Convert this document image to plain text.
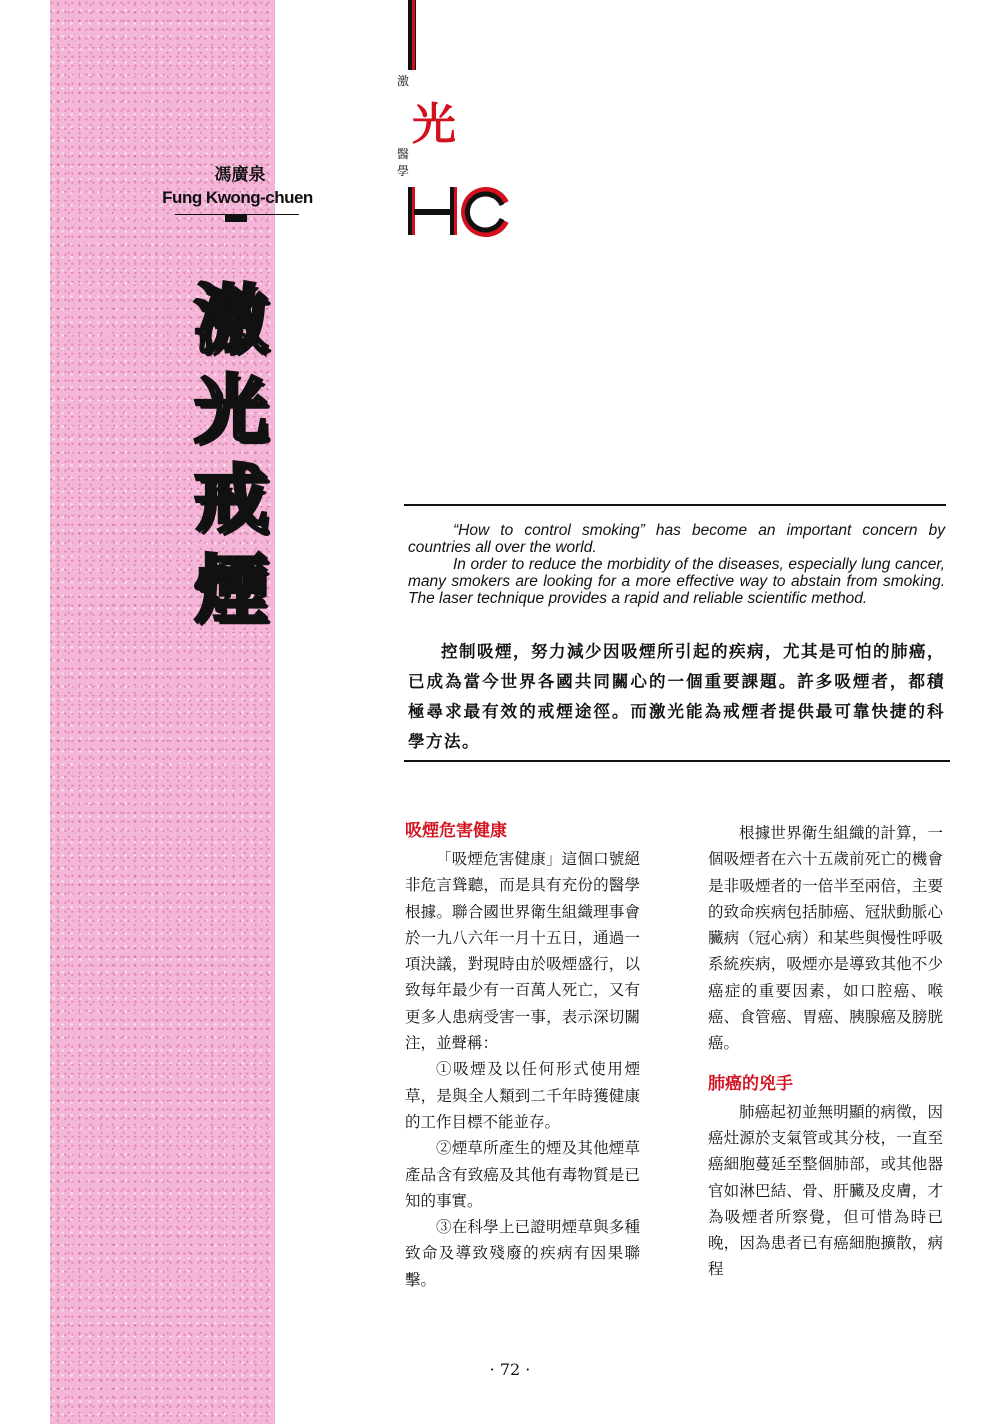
馮廣泉
Fung Kwong-chuen
激
光
戒
煙
激
光
醫
學

“How to control smoking” has become an important concern by countries all over the world.

In order to reduce the morbidity of the diseases, especially lung cancer, many smokers are looking for a more effective way to abstain from smoking. The laser technique provides a rapid and reliable scientific method.

控制吸煙，努力減少因吸煙所引起的疾病，尤其是可怕的肺癌，已成為當今世界各國共同關心的一個重要課題。許多吸煙者，都積極尋求最有效的戒煙途徑。而激光能為戒煙者提供最可靠快捷的科學方法。

吸煙危害健康

「吸煙危害健康」這個口號絕非危言聳聽，而是具有充份的醫學根據。聯合國世界衛生組織理事會於一九八六年一月十五日，通過一項決議，對現時由於吸煙盛行，以致每年最少有一百萬人死亡，又有更多人患病受害一事，表示深切關注，並聲稱：

①吸煙及以任何形式使用煙草，是與全人類到二千年時獲健康的工作目標不能並存。

②煙草所產生的煙及其他煙草產品含有致癌及其他有毒物質是已知的事實。

③在科學上已證明煙草與多種致命及導致殘廢的疾病有因果聯擊。

根據世界衛生組織的計算，一個吸煙者在六十五歲前死亡的機會是非吸煙者的一倍半至兩倍，主要的致命疾病包括肺癌、冠狀動脈心臟病（冠心病）和某些與慢性呼吸系統疾病，吸煙亦是導致其他不少癌症的重要因素，如口腔癌、喉癌、食管癌、胃癌、胰腺癌及膀胱癌。

肺癌的兇手

肺癌起初並無明顯的病徵，因癌灶源於支氣管或其分枝，一直至癌細胞蔓延至整個肺部，或其他器官如淋巴結、骨、肝臟及皮膚，才為吸煙者所察覺，但可惜為時已晚，因為患者已有癌細胞擴散，病程

· 72 ·
